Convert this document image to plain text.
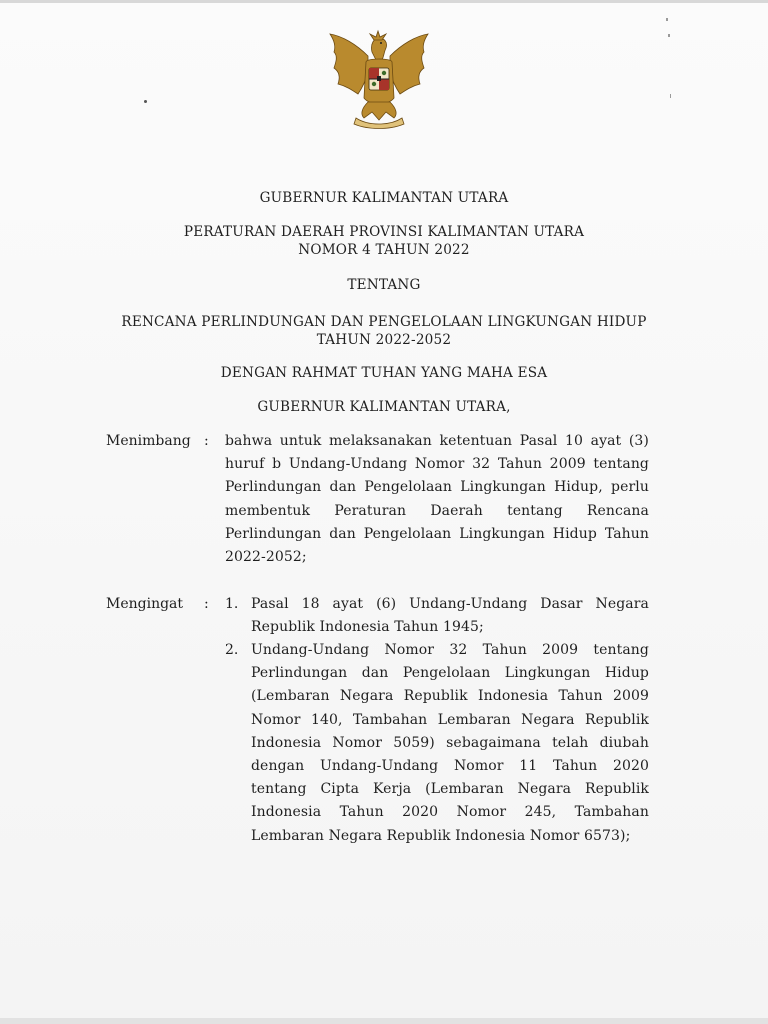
GUBERNUR KALIMANTAN UTARA
PERATURAN DAERAH PROVINSI KALIMANTAN UTARA
NOMOR 4 TAHUN 2022
TENTANG
RENCANA PERLINDUNGAN DAN PENGELOLAAN LINGKUNGAN HIDUP
TAHUN 2022-2052
DENGAN RAHMAT TUHAN YANG MAHA ESA
GUBERNUR KALIMANTAN UTARA,
Menimbang : bahwa untuk melaksanakan ketentuan Pasal 10 ayat (3) huruf b Undang-Undang Nomor 32 Tahun 2009 tentang Perlindungan dan Pengelolaan Lingkungan Hidup, perlu membentuk Peraturan Daerah tentang Rencana Perlindungan dan Pengelolaan Lingkungan Hidup Tahun 2022-2052;
Mengingat : 1. Pasal 18 ayat (6) Undang-Undang Dasar Negara Republik Indonesia Tahun 1945;
2. Undang-Undang Nomor 32 Tahun 2009 tentang Perlindungan dan Pengelolaan Lingkungan Hidup (Lembaran Negara Republik Indonesia Tahun 2009 Nomor 140, Tambahan Lembaran Negara Republik Indonesia Nomor 5059) sebagaimana telah diubah dengan Undang-Undang Nomor 11 Tahun 2020 tentang Cipta Kerja (Lembaran Negara Republik Indonesia Tahun 2020 Nomor 245, Tambahan Lembaran Negara Republik Indonesia Nomor 6573);
